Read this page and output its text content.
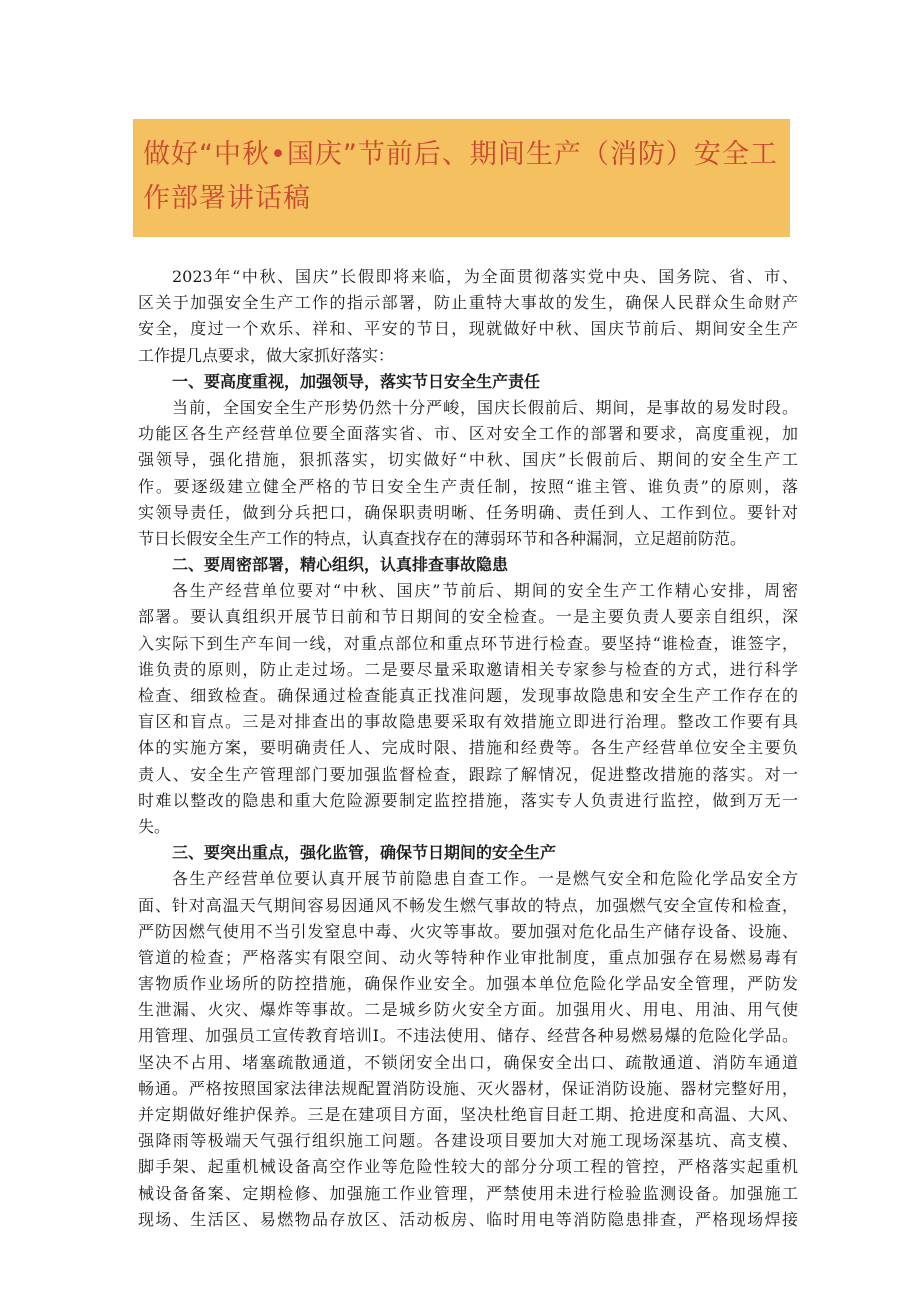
做好“中秋•国庆”节前后、期间生产（消防）安全工
作部署讲话稿
2023年“中秋、国庆”长假即将来临，为全面贯彻落实党中央、国务院、省、市、
区关于加强安全生产工作的指示部署，防止重特大事故的发生，确保人民群众生命财产
安全，度过一个欢乐、祥和、平安的节日，现就做好中秋、国庆节前后、期间安全生产
工作提几点要求，做大家抓好落实：
一、要高度重视，加强领导，落实节日安全生产责任
当前，全国安全生产形势仍然十分严峻，国庆长假前后、期间，是事故的易发时段。
功能区各生产经营单位要全面落实省、市、区对安全工作的部署和要求，高度重视，加
强领导，强化措施，狠抓落实，切实做好“中秋、国庆”长假前后、期间的安全生产工
作。要逐级建立健全严格的节日安全生产责任制，按照“谁主管、谁负责”的原则，落
实领导责任，做到分兵把口，确保职责明晰、任务明确、责任到人、工作到位。要针对
节日长假安全生产工作的特点，认真查找存在的薄弱环节和各种漏洞，立足超前防范。
二、要周密部署，精心组织，认真排查事故隐患
各生产经营单位要对“中秋、国庆”节前后、期间的安全生产工作精心安排，周密
部署。要认真组织开展节日前和节日期间的安全检查。一是主要负责人要亲自组织，深
入实际下到生产车间一线，对重点部位和重点环节进行检查。要坚持“谁检查，谁签字，
谁负责的原则，防止走过场。二是要尽量采取邀请相关专家参与检查的方式，进行科学
检查、细致检查。确保通过检查能真正找准问题，发现事故隐患和安全生产工作存在的
盲区和盲点。三是对排查出的事故隐患要采取有效措施立即进行治理。整改工作要有具
体的实施方案，要明确责任人、完成时限、措施和经费等。各生产经营单位安全主要负
责人、安全生产管理部门要加强监督检查，跟踪了解情况，促进整改措施的落实。对一
时难以整改的隐患和重大危险源要制定监控措施，落实专人负责进行监控，做到万无一
失。
三、要突出重点，强化监管，确保节日期间的安全生产
各生产经营单位要认真开展节前隐患自查工作。一是燃气安全和危险化学品安全方
面、针对高温天气期间容易因通风不畅发生燃气事故的特点，加强燃气安全宣传和检查，
严防因燃气使用不当引发窒息中毒、火灾等事故。要加强对危化品生产储存设备、设施、
管道的检查；严格落实有限空间、动火等特种作业审批制度，重点加强存在易燃易毒有
害物质作业场所的防控措施，确保作业安全。加强本单位危险化学品安全管理，严防发
生泄漏、火灾、爆炸等事故。二是城乡防火安全方面。加强用火、用电、用油、用气使
用管理、加强员工宣传教育培训I。不违法使用、储存、经营各种易燃易爆的危险化学品。
坚决不占用、堵塞疏散通道，不锁闭安全出口，确保安全出口、疏散通道、消防车通道
畅通。严格按照国家法律法规配置消防设施、灭火器材，保证消防设施、器材完整好用，
并定期做好维护保养。三是在建项目方面，坚决杜绝盲目赶工期、抢进度和高温、大风、
强降雨等极端天气强行组织施工问题。各建设项目要加大对施工现场深基坑、高支模、
脚手架、起重机械设备高空作业等危险性较大的部分分项工程的管控，严格落实起重机
械设备备案、定期检修、加强施工作业管理，严禁使用未进行检验监测设备。加强施工
现场、生活区、易燃物品存放区、活动板房、临时用电等消防隐患排查，严格现场焊接
